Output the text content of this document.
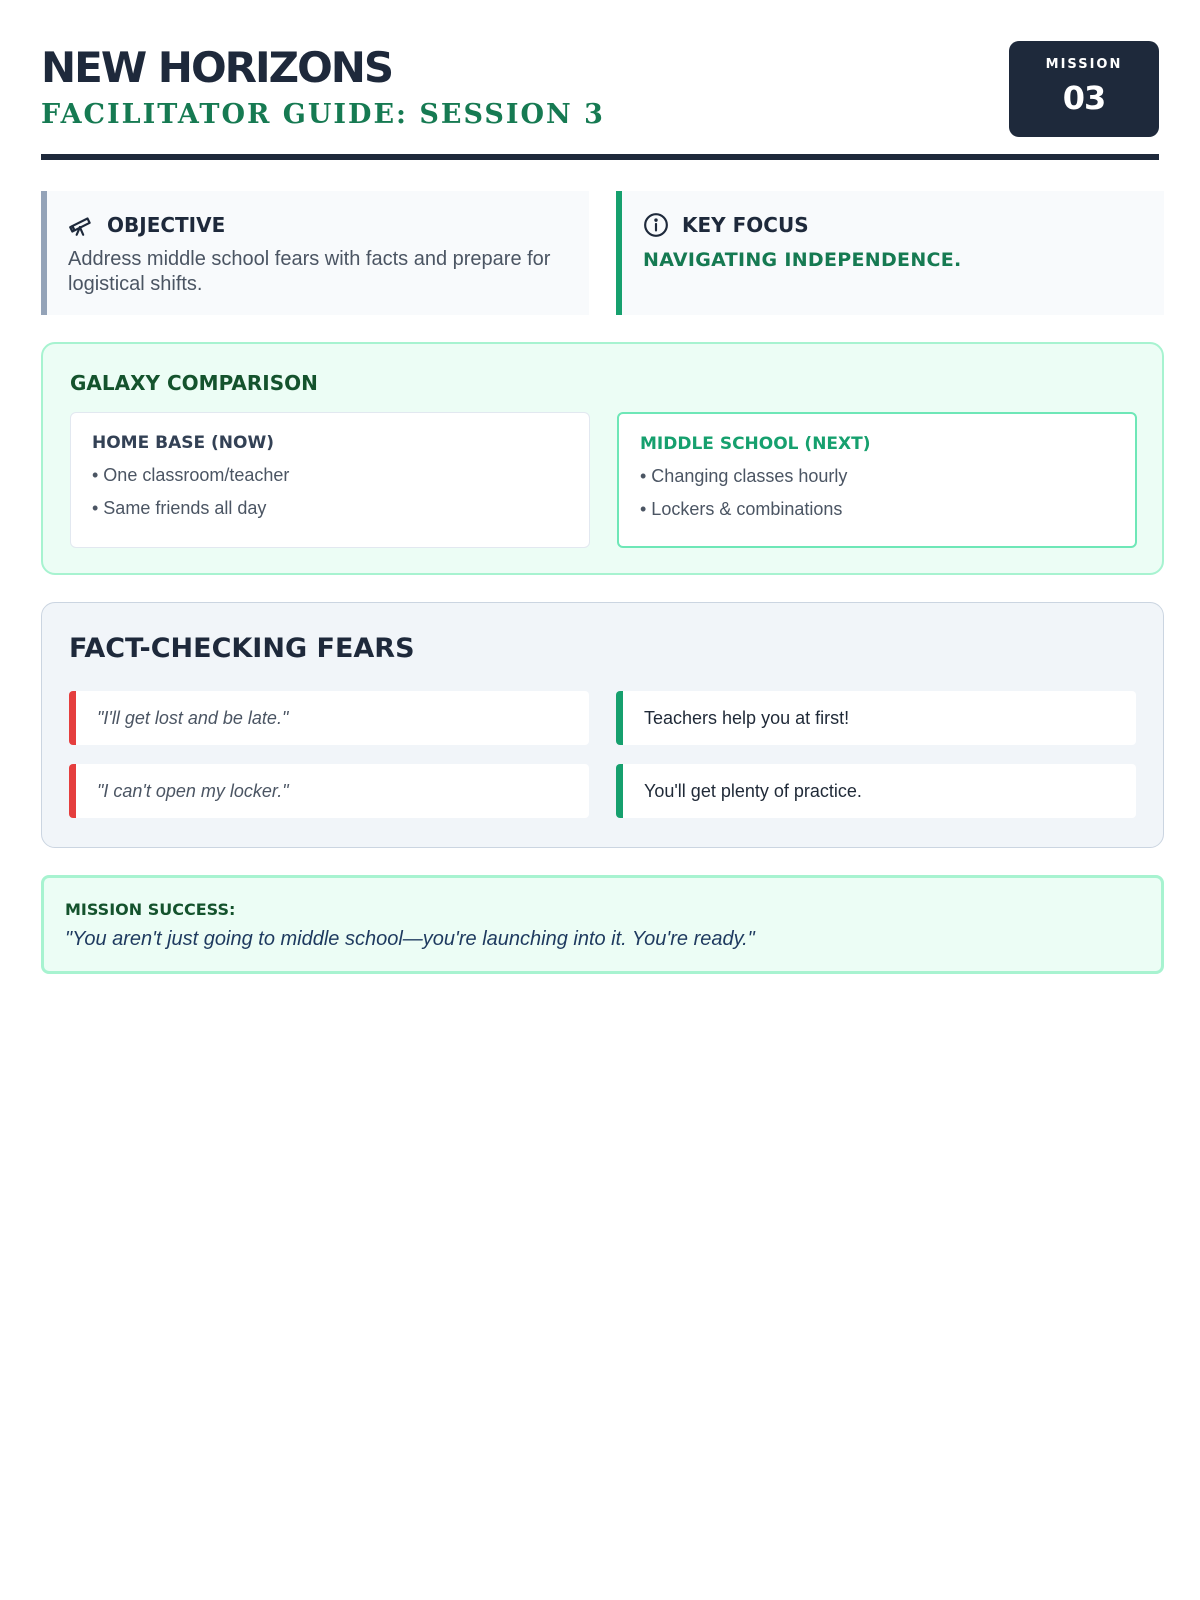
NEW HORIZONS
FACILITATOR GUIDE: SESSION 3
MISSION
03
OBJECTIVE
Address middle school fears with facts and prepare for logistical shifts.
KEY FOCUS
NAVIGATING INDEPENDENCE.
GALAXY COMPARISON
HOME BASE (NOW)
• One classroom/teacher
• Same friends all day
MIDDLE SCHOOL (NEXT)
• Changing classes hourly
• Lockers & combinations
FACT-CHECKING FEARS
"I'll get lost and be late."	Teachers help you at first!
"I can't open my locker."	You'll get plenty of practice.
MISSION SUCCESS:
"You aren't just going to middle school—you're launching into it. You're ready."
